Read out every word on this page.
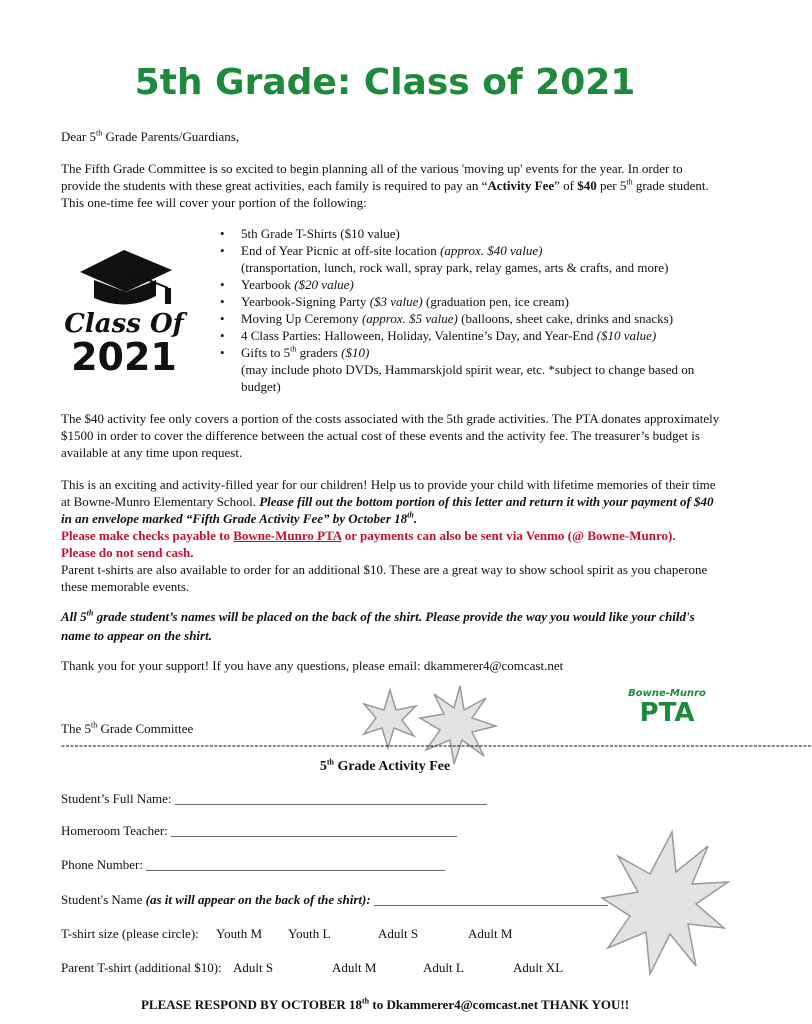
5th Grade: Class of 2021
Class Of
2021
Dear 5th Grade Parents/Guardians,
The Fifth Grade Committee is so excited to begin planning all of the various 'moving up' events for the year. In order to provide the students with these great activities, each family is required to pay an “Activity Fee” of $40 per 5th grade student. This one-time fee will cover your portion of the following:
• 5th Grade T-Shirts ($10 value)
• End of Year Picnic at off-site location (approx. $40 value)
(transportation, lunch, rock wall, spray park, relay games, arts & crafts, and more)
• Yearbook ($20 value)
• Yearbook-Signing Party ($3 value) (graduation pen, ice cream)
• Moving Up Ceremony (approx. $5 value) (balloons, sheet cake, drinks and snacks)
• 4 Class Parties: Halloween, Holiday, Valentine’s Day, and Year-End ($10 value)
• Gifts to 5th graders ($10)
(may include photo DVDs, Hammarskjold spirit wear, etc. *subject to change based on budget)
The $40 activity fee only covers a portion of the costs associated with the 5th grade activities. The PTA donates approximately $1500 in order to cover the difference between the actual cost of these events and the activity fee. The treasurer’s budget is available at any time upon request.
This is an exciting and activity-filled year for our children! Help us to provide your child with lifetime memories of their time at Bowne-Munro Elementary School. Please fill out the bottom portion of this letter and return it with your payment of $40 in an envelope marked “Fifth Grade Activity Fee” by October 18th.
Please make checks payable to Bowne-Munro PTA or payments can also be sent via Venmo (@ Bowne-Munro).
Please do not send cash.
Parent t-shirts are also available to order for an additional $10. These are a great way to show school spirit as you chaperone these memorable events.
All 5th grade student’s names will be placed on the back of the shirt. Please provide the way you would like your child's name to appear on the shirt.
Thank you for your support! If you have any questions, please email: dkammerer4@comcast.net
Bowne-Munro
PTA
The 5th Grade Committee
-----------------------------------------------------------------------------------------------------------------------------------------------------------------------
5th Grade Activity Fee
Student’s Full Name: ________________________________________________
Homeroom Teacher: ____________________________________________
Phone Number: ______________________________________________
Student's Name (as it will appear on the back of the shirt): ____________________________________
T-shirt size (please circle): Youth M Youth L	Adult S	Adult M
Parent T-shirt (additional $10): Adult S	Adult M	Adult L	Adult XL
PLEASE RESPOND BY OCTOBER 18th to Dkammerer4@comcast.net THANK YOU!!
